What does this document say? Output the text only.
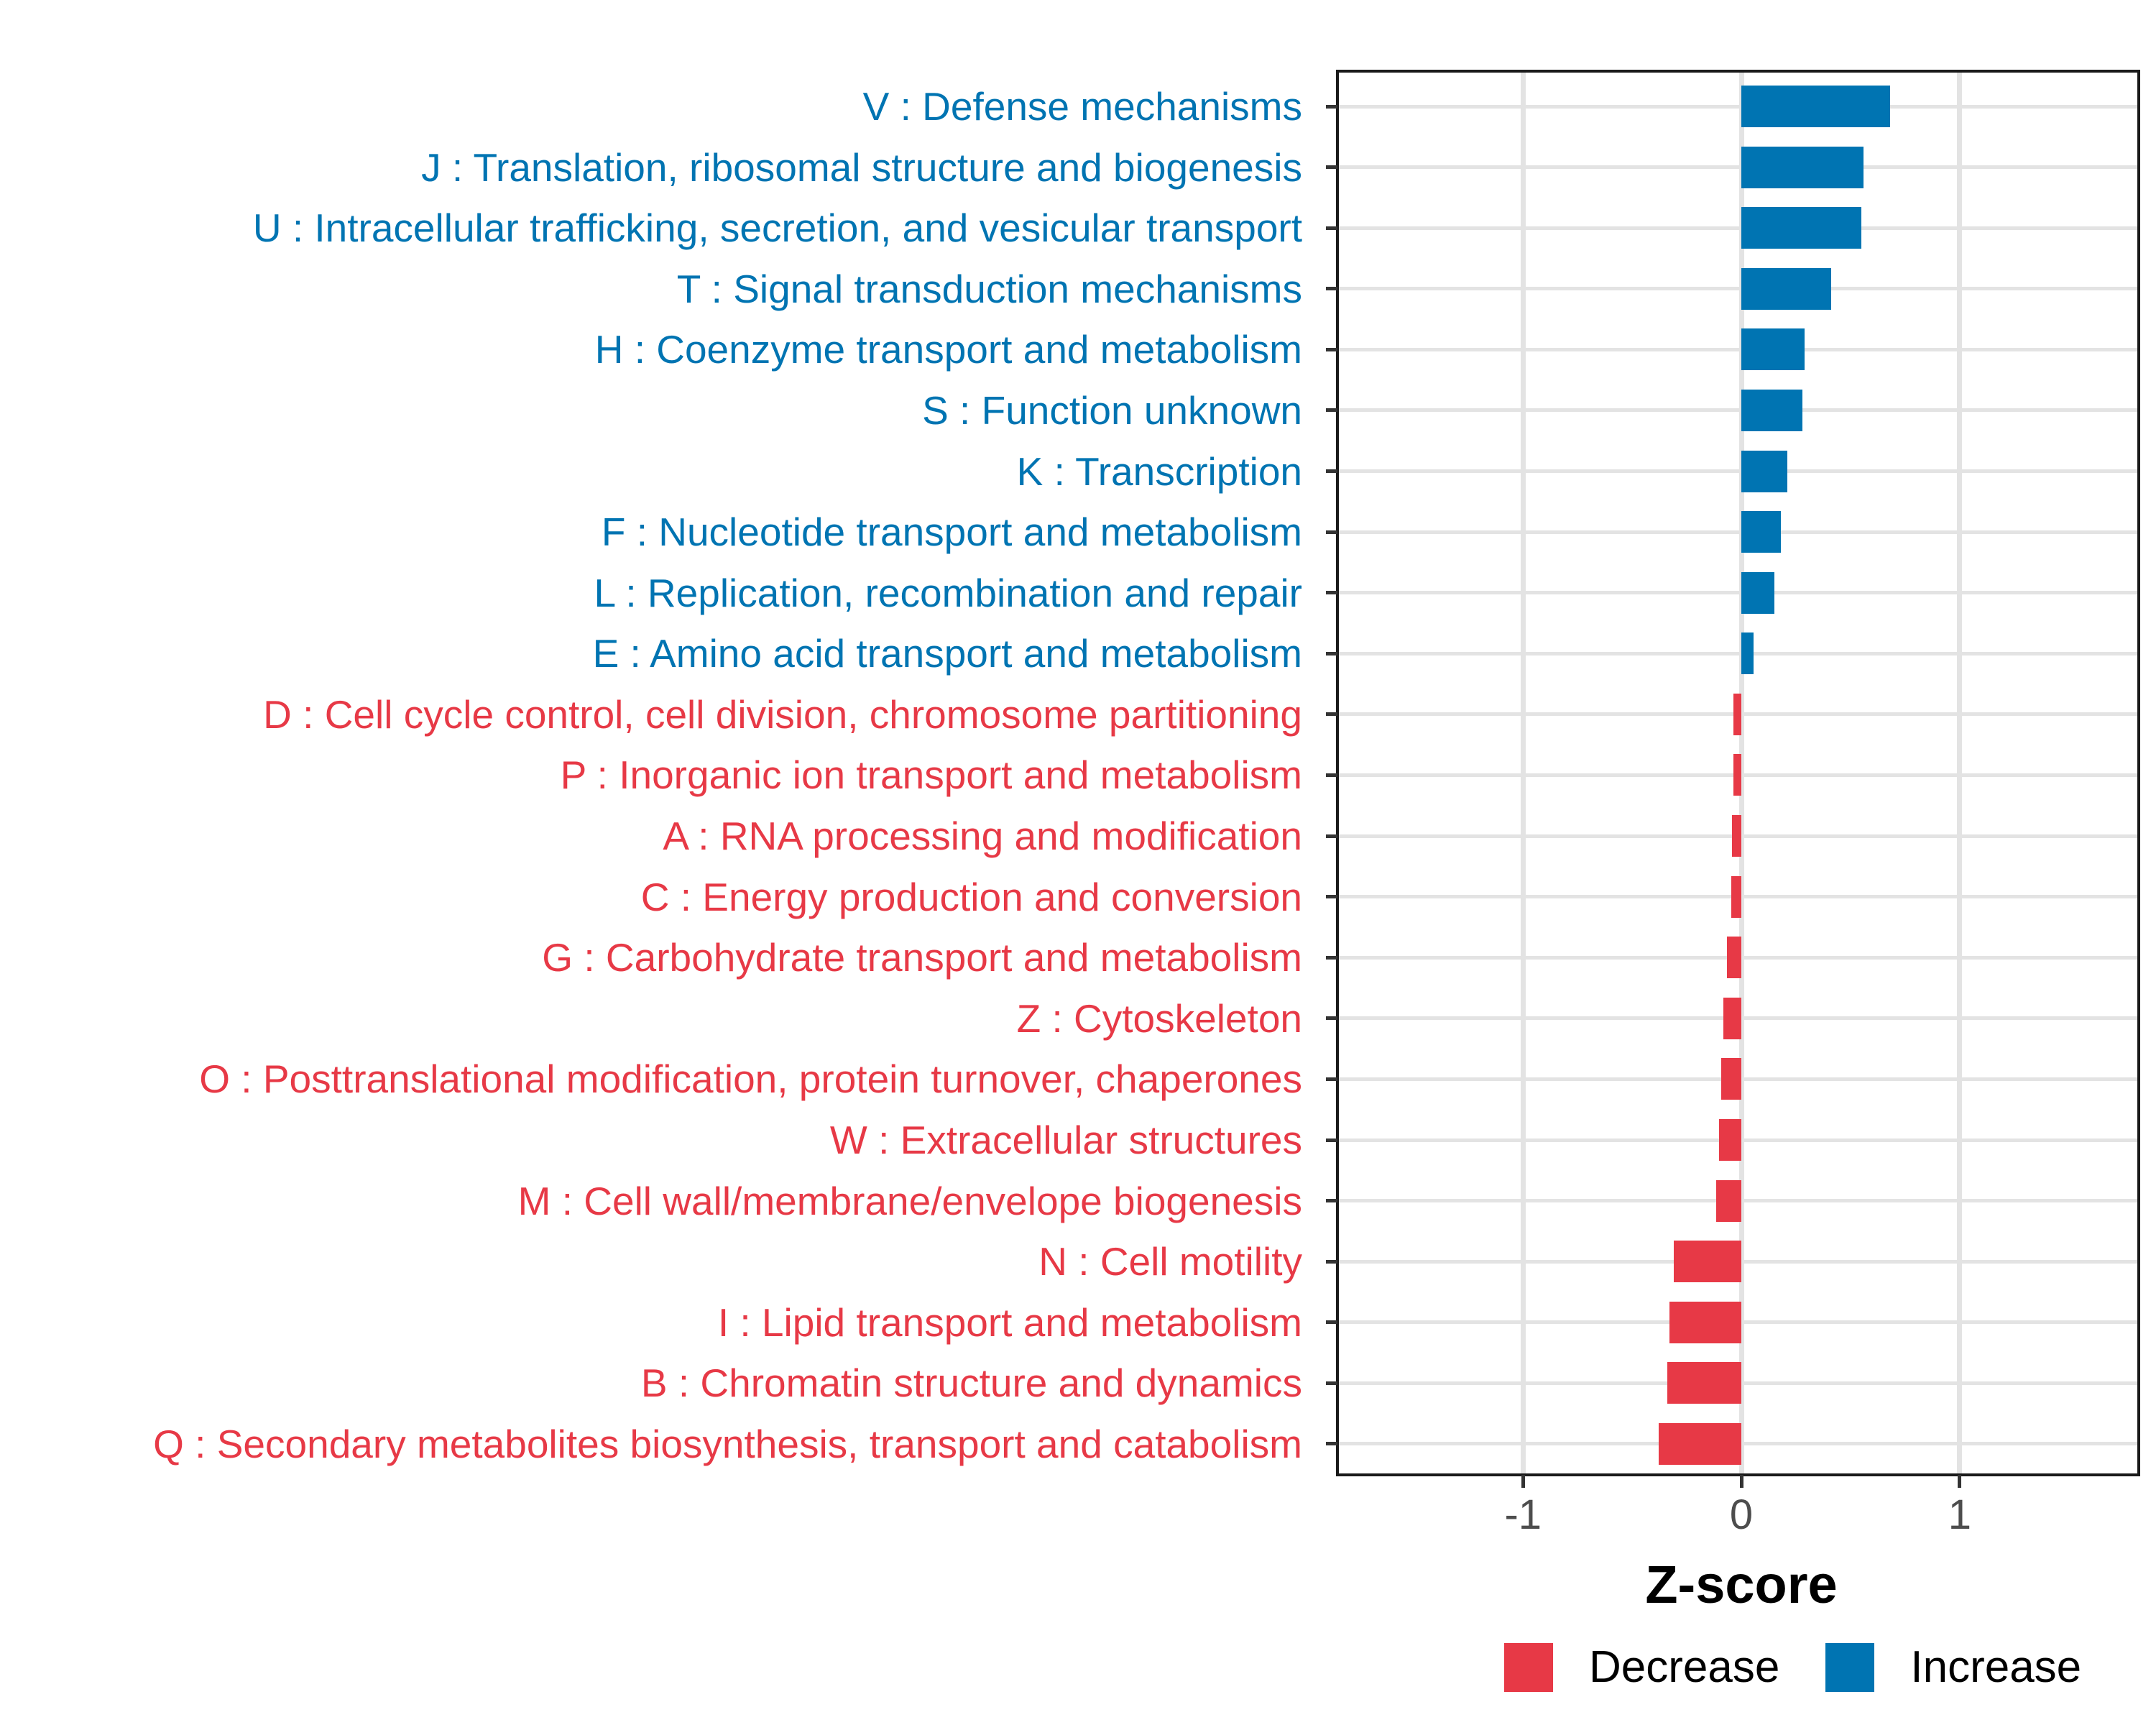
V : Defense mechanisms
J : Translation, ribosomal structure and biogenesis
U : Intracellular trafficking, secretion, and vesicular transport
T : Signal transduction mechanisms
H : Coenzyme transport and metabolism
S : Function unknown
K : Transcription
F : Nucleotide transport and metabolism
L : Replication, recombination and repair
E : Amino acid transport and metabolism
D : Cell cycle control, cell division, chromosome partitioning
P : Inorganic ion transport and metabolism
A : RNA processing and modification
C : Energy production and conversion
G : Carbohydrate transport and metabolism
Z : Cytoskeleton
O : Posttranslational modification, protein turnover, chaperones
W : Extracellular structures
M : Cell wall/membrane/envelope biogenesis
N : Cell motility
I : Lipid transport and metabolism
B : Chromatin structure and dynamics
Q : Secondary metabolites biosynthesis, transport and catabolism
-1	0	1
Z-score
Decrease	Increase
